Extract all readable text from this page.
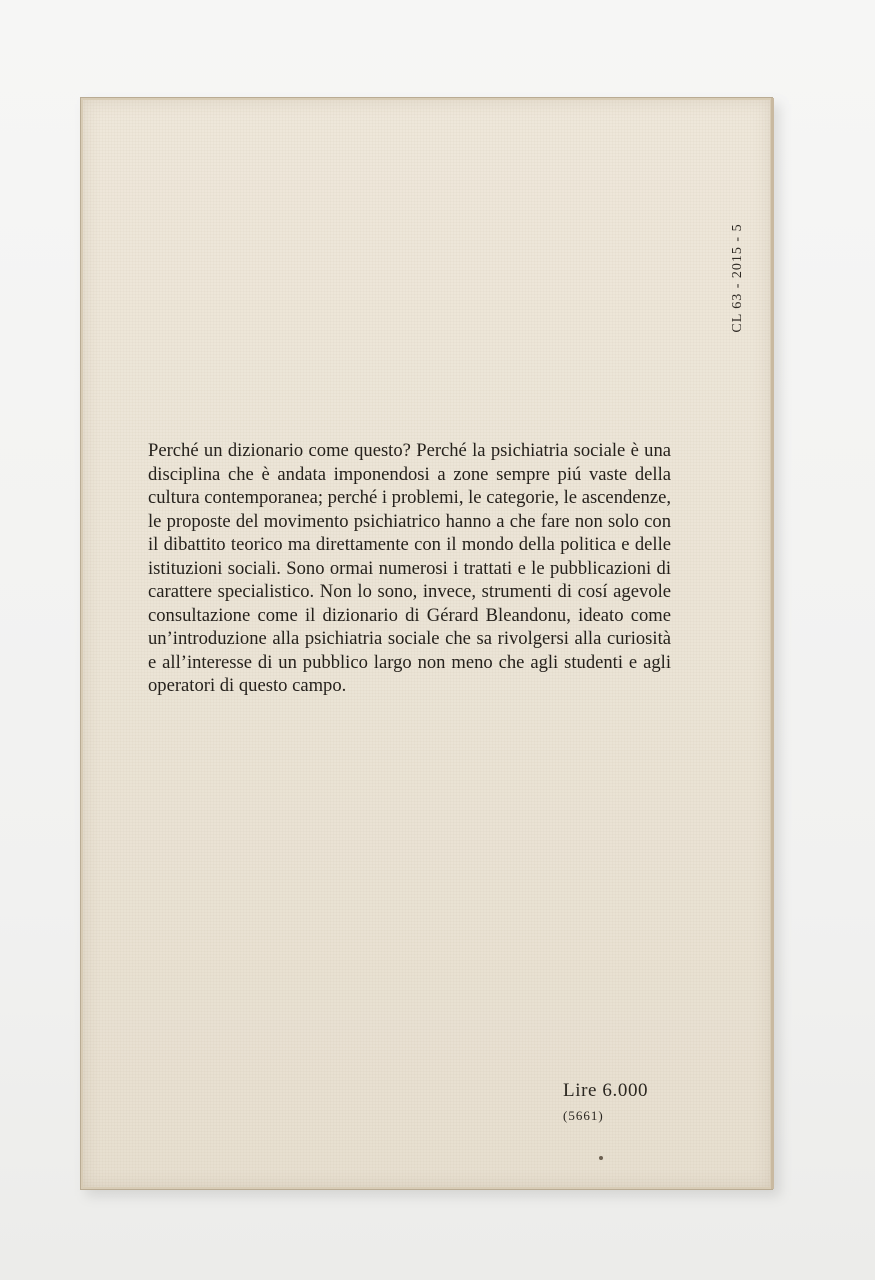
CL 63 - 2015 - 5

Perché un dizionario come questo? Perché la psichiatria sociale è una disciplina che è andata imponendosi a zone sempre piú vaste della cultura contemporanea; perché i problemi, le categorie, le ascendenze, le proposte del movimento psichiatrico hanno a che fare non solo con il dibattito teorico ma direttamente con il mondo della politica e delle istituzioni sociali. Sono ormai numerosi i trattati e le pubblicazioni di carattere specialistico. Non lo sono, invece, strumenti di cosí agevole consultazione come il dizionario di Gérard Bleandonu, ideato come un’introduzione alla psichiatria sociale che sa rivolgersi alla curiosità e all’interesse di un pubblico largo non meno che agli studenti e agli operatori di questo campo.

Lire 6.000
(5661)
